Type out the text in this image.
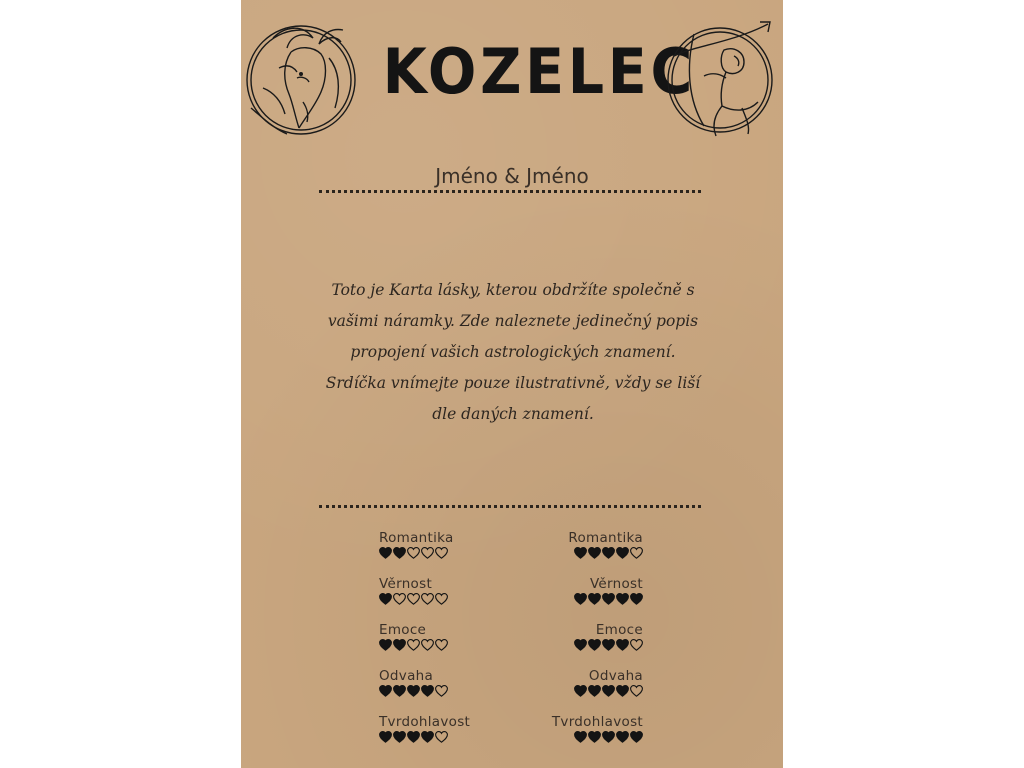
KOZELEC
Jméno & Jméno
Toto je Karta lásky, kterou obdržíte společně s vašimi náramky. Zde naleznete jedinečný popis propojení vašich astrologických znamení. Srdíčka vnímejte pouze ilustrativně, vždy se liší dle daných znamení.
Romantika
Věrnost
Emoce
Odvaha
Tvrdohlavost
Romantika
Věrnost
Emoce
Odvaha
Tvrdohlavost
